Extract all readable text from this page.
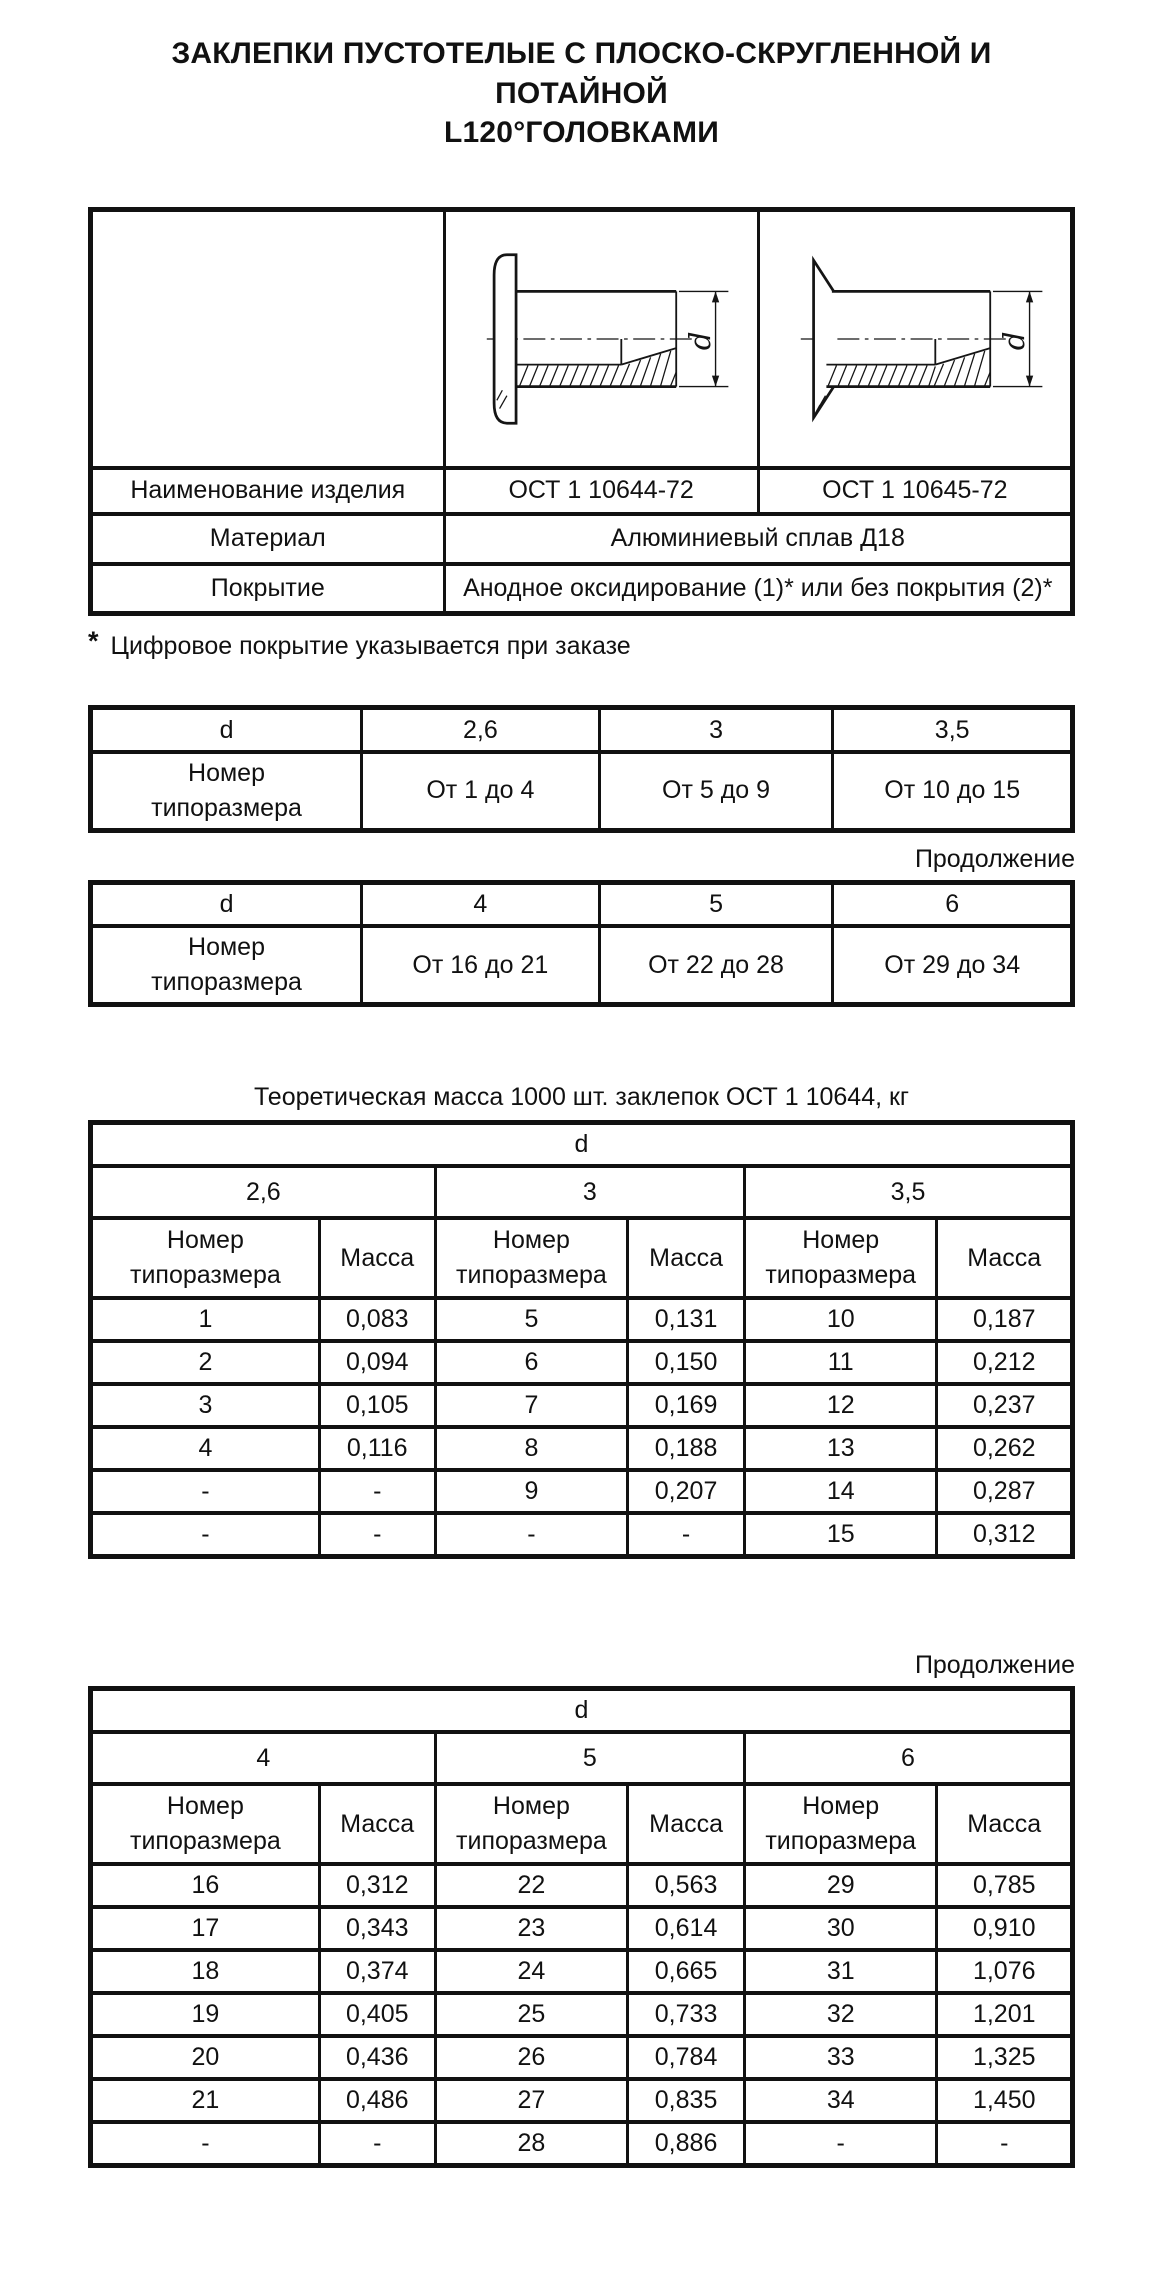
ЗАКЛЕПКИ ПУСТОТЕЛЫЕ С ПЛОСКО-СКРУГЛЕННОЙ И ПОТАЙНОЙ
L120°ГОЛОВКАМИ

d	d

Наименование изделия	ОСТ 1 10644-72	ОСТ 1 10645-72
Материал	Алюминиевый сплав Д18	
Покрытие	Анодное оксидирование (1)* или без покрытия (2)*	
* Цифровое покрытие указывается при заказе
d	2,6	3	3,5
Номер типоразмера	От 1 до 4	От 5 до 9	От 10 до 15
Продолжение
d	4	5	6
Номер типоразмера	От 16 до 21	От 22 до 28	От 29 до 34
Теоретическая масса 1000 шт. заклепок ОСТ 1 10644, кг
d					
2,6		3		3,5	
Номер типоразмера	Масса	Номер типоразмера	Масса	Номер типоразмера	Масса
1	0,083	5	0,131	10	0,187
2	0,094	6	0,150	11	0,212
3	0,105	7	0,169	12	0,237
4	0,116	8	0,188	13	0,262
-	-	9	0,207	14	0,287
-	-	-	-	15	0,312
Продолжение
d					
4		5		6	
Номер типоразмера	Масса	Номер типоразмера	Масса	Номер типоразмера	Масса
16	0,312	22	0,563	29	0,785
17	0,343	23	0,614	30	0,910
18	0,374	24	0,665	31	1,076
19	0,405	25	0,733	32	1,201
20	0,436	26	0,784	33	1,325
21	0,486	27	0,835	34	1,450
-	-	28	0,886	-	-
